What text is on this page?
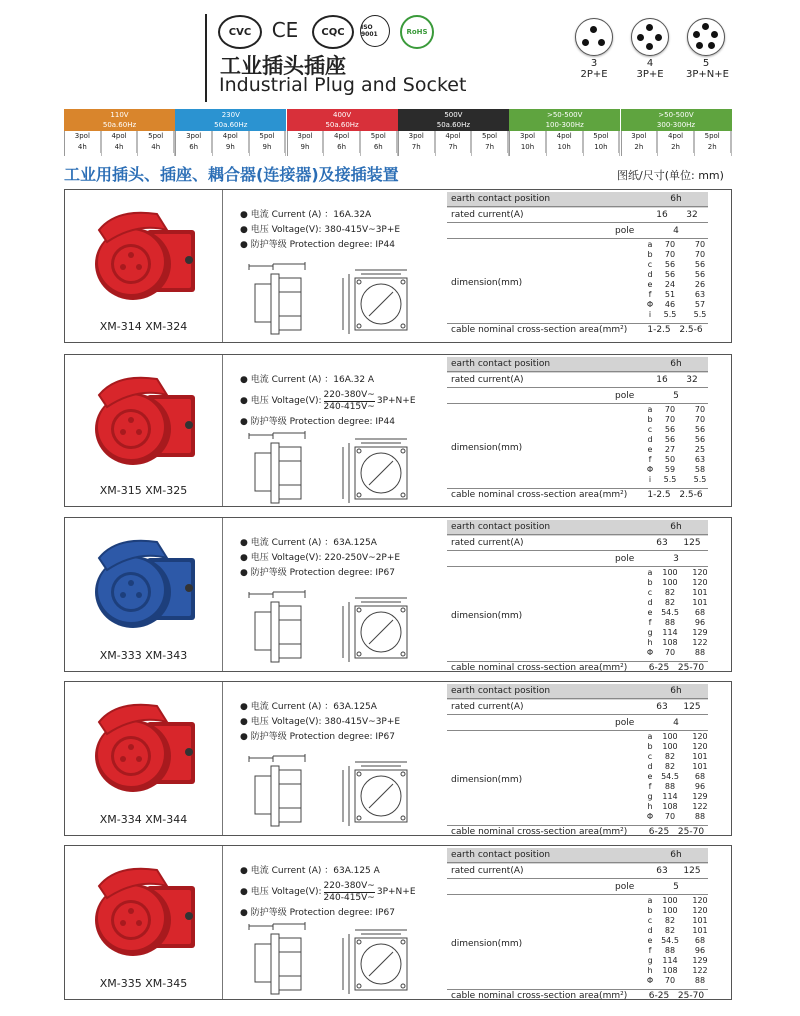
CVC	CE	CQC	ISO 9001	RoHS
工业插头插座
Industrial Plug and Socket
3
2P+E
4
3P+E
5
3P+N+E
110V
50a.60Hz
3pol
4h
4pol
4h
5pol
4h
230V
50a.60Hz
3pol
6h
4pol
9h
5pol
9h
400V
50a.60Hz
3pol
9h
4pol
6h
5pol
6h
500V
50a.60Hz
3pol
7h
4pol
7h
5pol
7h
>50-500V
100-300Hz
3pol
10h
4pol
10h
5pol
10h
>50-500V
300-300Hz
3pol
2h
4pol
2h
5pol
2h
工业用插头、插座、耦合器(连接器)及接插装置	图纸/尺寸(单位: mm)
XM-314 XM-324
● 电流 Current (A) ：16A.32A
● 电压 Voltage(V): 380-415V~3P+E
● 防护等级 Protection degree: IP44
earth contact position	6h
rated current(A)	16	32
pole	4
dimension(mm)
a	70	70
b	70	70
c	56	56
d	56	56
e	24	26
f	51	63
Φ	46	57
i	5.5	5.5
cable nominal cross-section area(mm²)	1-2.5 2.5-6
XM-315 XM-325
● 电流 Current (A) ：16A.32 A
● 电压 Voltage(V):
220-380V~
240-415V~
3P+N+E
● 防护等级 Protection degree: IP44
earth contact position	6h
rated current(A)	16	32
pole	5
dimension(mm)
a	70	70
b	70	70
c	56	56
d	56	56
e	27	25
f	50	63
Φ	59	58
i	5.5	5.5
cable nominal cross-section area(mm²)	1-2.5 2.5-6
XM-333 XM-343
● 电流 Current (A) ：63A.125A
● 电压 Voltage(V): 220-250V~2P+E
● 防护等级 Protection degree: IP67
earth contact position	6h
rated current(A)	63	125
pole	3
dimension(mm)
a	100	120
b	100	120
c	82	101
d	82	101
e	54.5	68
f	88	96
g	114	129
h	108	122
Φ	70	88
cable nominal cross-section area(mm²)	6-25 25-70
XM-334 XM-344
● 电流 Current (A) ：63A.125A
● 电压 Voltage(V): 380-415V~3P+E
● 防护等级 Protection degree: IP67
earth contact position	6h
rated current(A)	63	125
pole	4
dimension(mm)
a	100	120
b	100	120
c	82	101
d	82	101
e	54.5	68
f	88	96
g	114	129
h	108	122
Φ	70	88
cable nominal cross-section area(mm²)	6-25 25-70
XM-335 XM-345
● 电流 Current (A) ：63A.125 A
● 电压 Voltage(V):
220-380V~
240-415V~
3P+N+E
● 防护等级 Protection degree: IP67
earth contact position	6h
rated current(A)	63	125
pole	5
dimension(mm)
a	100	120
b	100	120
c	82	101
d	82	101
e	54.5	68
f	88	96
g	114	129
h	108	122
Φ	70	88
cable nominal cross-section area(mm²)	6-25 25-70
